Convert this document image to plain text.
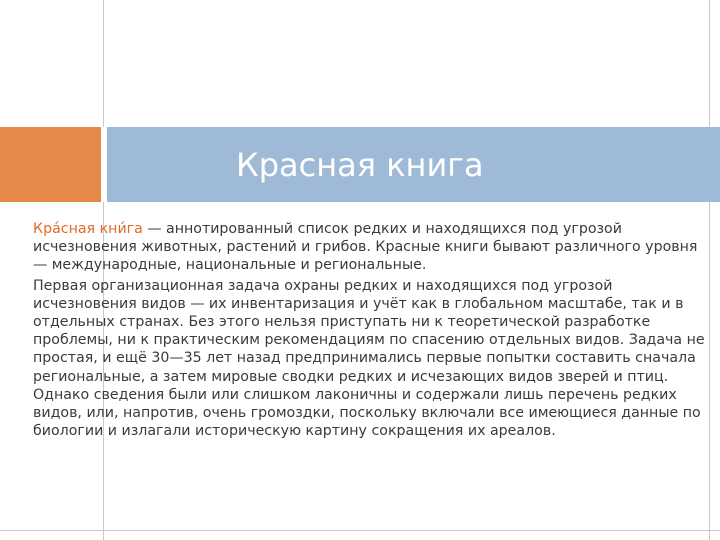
Красная книга

Кра́сная кни́га — аннотированный список редких и находящихся под угрозой исчезновения животных, растений и грибов. Красные книги бывают различного уровня — международные, национальные и региональные.

Первая организационная задача охраны редких и находящихся под угрозой исчезновения видов — их инвентаризация и учёт как в глобальном масштабе, так и в отдельных странах. Без этого нельзя приступать ни к теоретической разработке проблемы, ни к практическим рекомендациям по спасению отдельных видов. Задача не простая, и ещё 30—35 лет назад предпринимались первые попытки составить сначала региональные, а затем мировые сводки редких и исчезающих видов зверей и птиц. Однако сведения были или слишком лаконичны и содержали лишь перечень редких видов, или, напротив, очень громоздки, поскольку включали все имеющиеся данные по биологии и излагали историческую картину сокращения их ареалов.
